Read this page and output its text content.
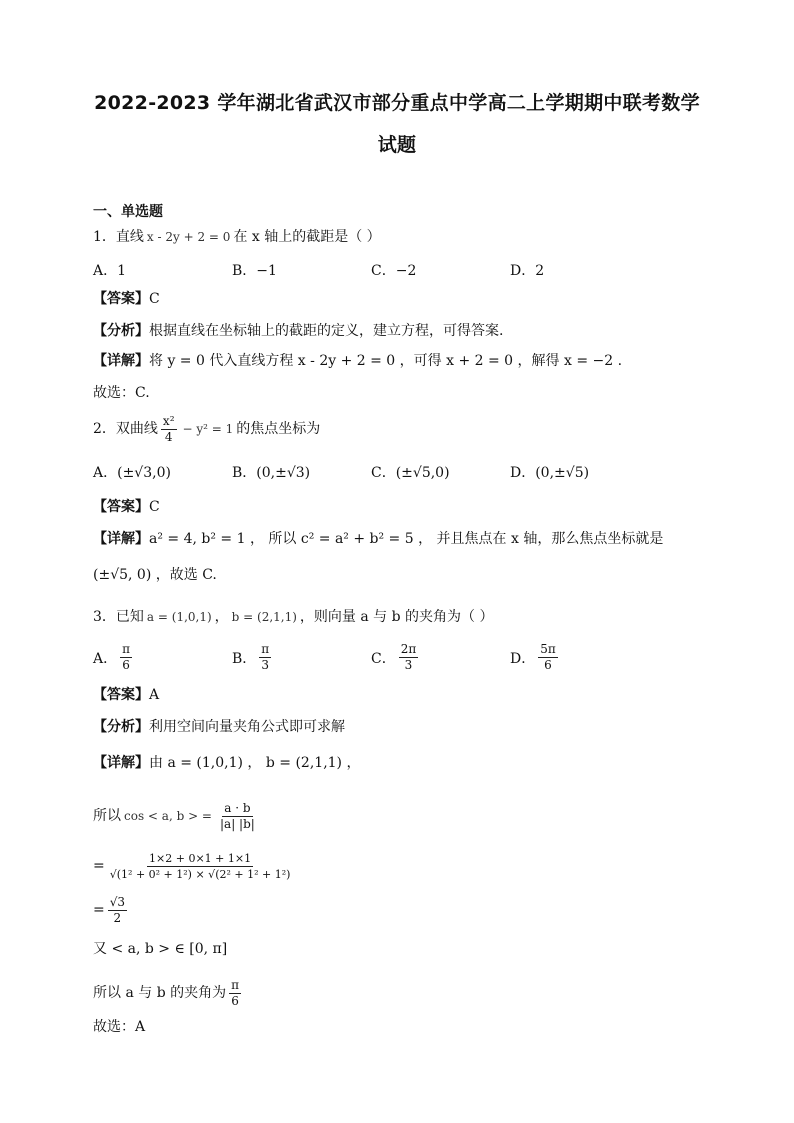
2022-2023 学年湖北省武汉市部分重点中学高二上学期期中联考数学
试题
一、单选题
1．直线 x - 2y + 2 = 0 在 x 轴上的截距是（ ）
A．1	B．−1	C．−2	D．2
【答案】 C
【分析】 根据直线在坐标轴上的截距的定义，建立方程，可得答案.
【详解】 将 y = 0 代入直线方程 x - 2y + 2 = 0 ，可得 x + 2 = 0 ，解得 x = −2 .
故选：C.
2．双曲线 $\frac{\text{x²}}{4} - y^2 = 1$ 的焦点坐标为
A．(±√3,0)	B．(0,±√3)	C．(±√5,0)	D．(0,±√5)
【答案】 C
【详解】 a² = 4, b² = 1 ， 所以 c² = a² + b² = 5 ， 并且焦点在 x 轴，那么焦点坐标就是
(±√5, 0) ，故选 C.
3．已知 a = (1,0,1) ， b = (2,1,1) ，则向量 a 与 b 的夹角为（ ）
A． $\frac{\pi}{6}$	B． $\frac{\pi}{3}$	C． $\frac{2\pi}{3}$	D． $\frac{5\pi}{6}$
【答案】 A
【分析】 利用空间向量夹角公式即可求解
【详解】 由 a = (1,0,1) ， b = (2,1,1) ，
所以 cos < a, b > = $\frac{a \cdot b}{|a| |b|}$
= $\frac{1\times 2 + 0\times 1 + 1\times 1}{\text{√(1² + 0² + 1²) × √(2² + 1² + 1²)}}$
= $\frac{√3}{2}$
又 < a, b > ∈ [0, π]
所以 a 与 b 的夹角为 $\frac{\pi}{6}$
故选：A
